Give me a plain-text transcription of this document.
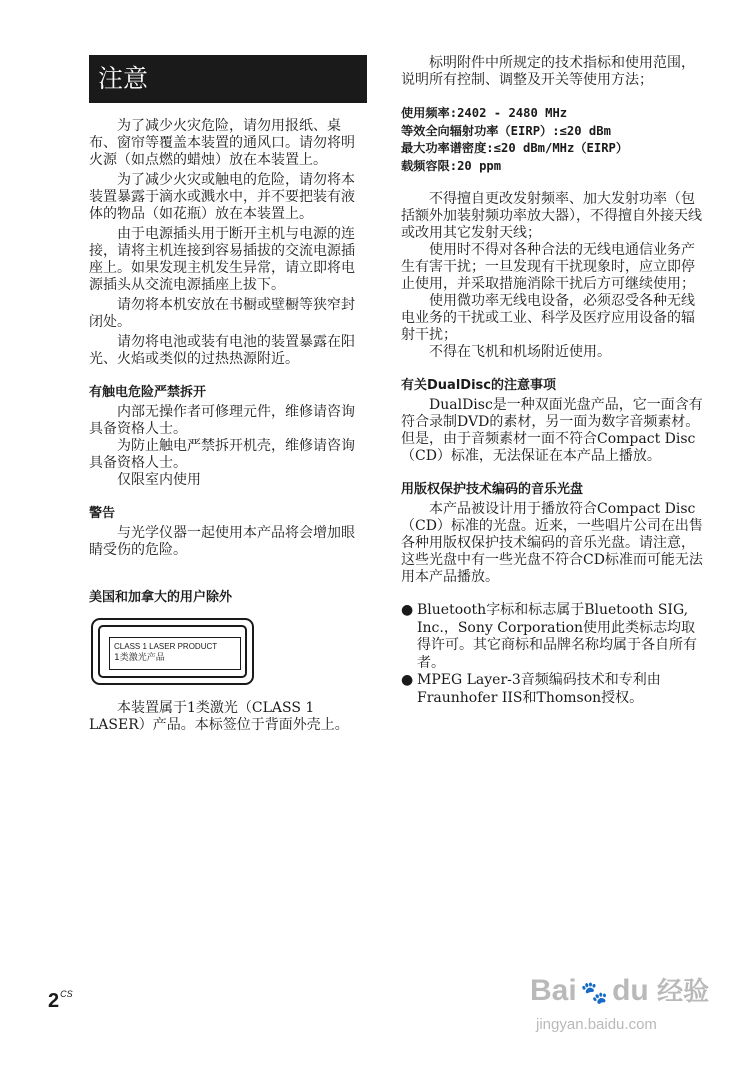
注意

为了减少火灾危险，请勿用报纸、桌布、窗帘等覆盖本装置的通风口。请勿将明火源（如点燃的蜡烛）放在本装置上。

为了减少火灾或触电的危险，请勿将本装置暴露于滴水或溅水中，并不要把装有液体的物品（如花瓶）放在本装置上。

由于电源插头用于断开主机与电源的连接，请将主机连接到容易插拔的交流电源插座上。如果发现主机发生异常，请立即将电源插头从交流电源插座上拔下。

请勿将本机安放在书橱或壁橱等狭窄封闭处。

请勿将电池或装有电池的装置暴露在阳光、火焰或类似的过热热源附近。

有触电危险严禁拆开

内部无操作者可修理元件，维修请咨询具备资格人士。

为防止触电严禁拆开机壳，维修请咨询具备资格人士。

仅限室内使用

警告

与光学仪器一起使用本产品将会增加眼睛受伤的危险。

美国和加拿大的用户除外
CLASS 1 LASER PRODUCT
1类激光产品

本装置属于1类激光（CLASS 1 LASER）产品。本标签位于背面外壳上。

标明附件中所规定的技术指标和使用范围，说明所有控制、调整及开关等使用方法；

使用频率:2402 - 2480 MHz
等效全向辐射功率（EIRP）:≤20 dBm
最大功率谱密度:≤20 dBm/MHz（EIRP）
载频容限:20 ppm

不得擅自更改发射频率、加大发射功率（包括额外加装射频功率放大器），不得擅自外接天线或改用其它发射天线；

使用时不得对各种合法的无线电通信业务产生有害干扰；一旦发现有干扰现象时，应立即停止使用，并采取措施消除干扰后方可继续使用；

使用微功率无线电设备，必须忍受各种无线电业务的干扰或工业、科学及医疗应用设备的辐射干扰；

不得在飞机和机场附近使用。

有关DualDisc的注意事项

DualDisc是一种双面光盘产品，它一面含有符合录制DVD的素材，另一面为数字音频素材。但是，由于音频素材一面不符合Compact Disc（CD）标准，无法保证在本产品上播放。

用版权保护技术编码的音乐光盘

本产品被设计用于播放符合Compact Disc（CD）标准的光盘。近来，一些唱片公司在出售各种用版权保护技术编码的音乐光盘。请注意，这些光盘中有一些光盘不符合CD标准而可能无法用本产品播放。

● Bluetooth字标和标志属于Bluetooth SIG, Inc.，Sony Corporation使用此类标志均取得许可。其它商标和品牌名称均属于各自所有者。
● MPEG Layer-3音频编码技术和专利由Fraunhofer IIS和Thomson授权。
$2^{CS}$	Bai 🐾 du 经验
jingyan.baidu.com
